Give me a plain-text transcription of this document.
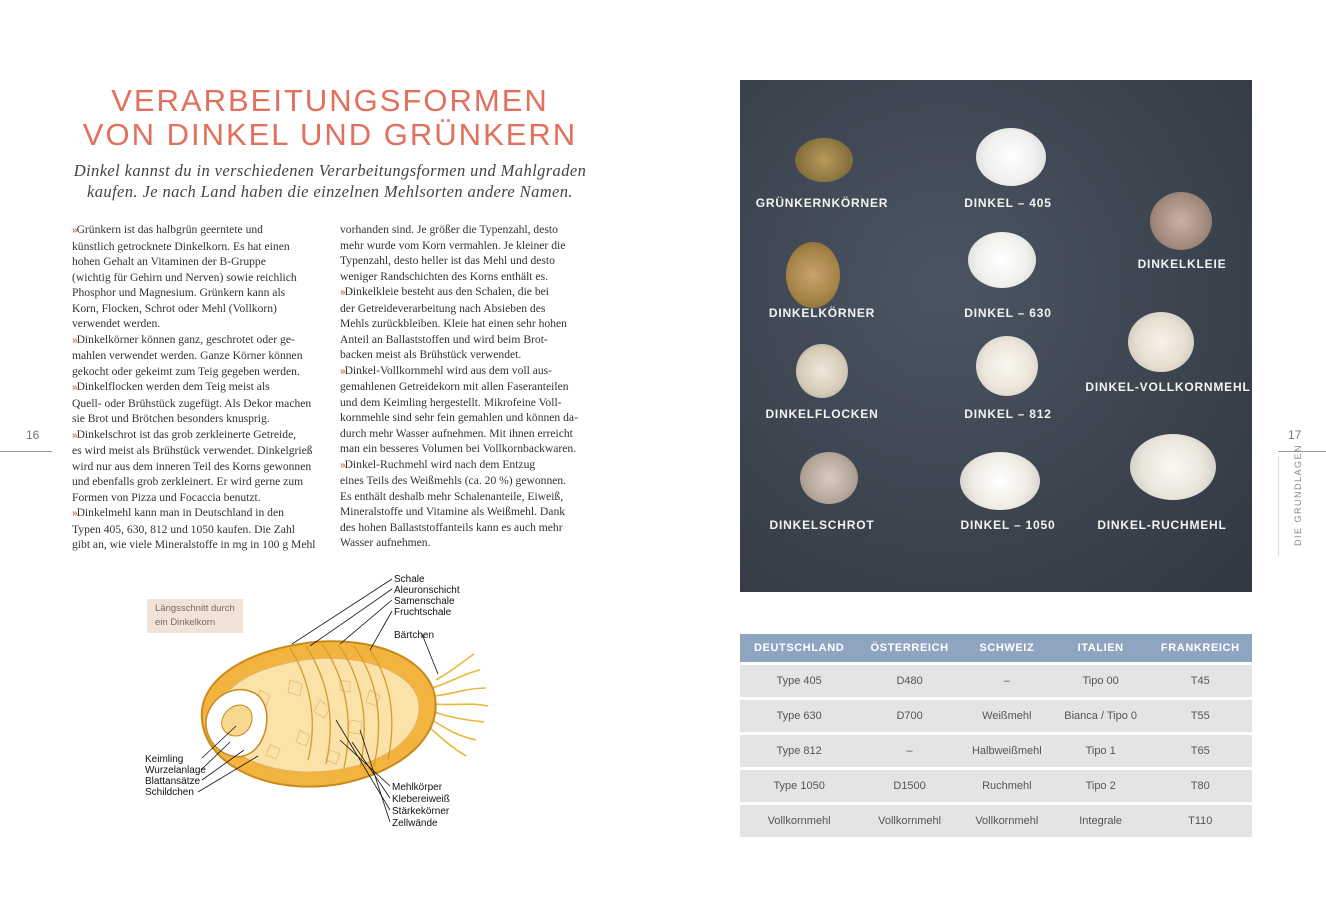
VERARBEITUNGSFORMEN
VON DINKEL UND GRÜNKERN
Dinkel kannst du in verschiedenen Verarbeitungsformen und Mahlgraden
kaufen. Je nach Land haben die einzelnen Mehlsorten andere Namen.
»Grünkern ist das halbgrün geerntete und
künstlich getrocknete Dinkelkorn. Es hat einen
hohen Gehalt an Vitaminen der B-Gruppe
(wichtig für Gehirn und Nerven) sowie reichlich
Phosphor und Magnesium. Grünkern kann als
Korn, Flocken, Schrot oder Mehl (Vollkorn)
verwendet werden.
»Dinkelkörner können ganz, geschrotet oder ge-
mahlen verwendet werden. Ganze Körner können
gekocht oder gekeimt zum Teig gegeben werden.
»Dinkelflocken werden dem Teig meist als
Quell- oder Brühstück zugefügt. Als Dekor machen
sie Brot und Brötchen besonders knusprig.
»Dinkelschrot ist das grob zerkleinerte Getreide,
es wird meist als Brühstück verwendet. Dinkelgrieß
wird nur aus dem inneren Teil des Korns gewonnen
und ebenfalls grob zerkleinert. Er wird gerne zum
Formen von Pizza und Focaccia benutzt.
»Dinkelmehl kann man in Deutschland in den
Typen 405, 630, 812 und 1050 kaufen. Die Zahl
gibt an, wie viele Mineralstoffe in mg in 100 g Mehl
vorhanden sind. Je größer die Typenzahl, desto
mehr wurde vom Korn vermahlen. Je kleiner die
Typenzahl, desto heller ist das Mehl und desto
weniger Randschichten des Korns enthält es.
»Dinkelkleie besteht aus den Schalen, die bei
der Getreideverarbeitung nach Absieben des
Mehls zurückbleiben. Kleie hat einen sehr hohen
Anteil an Ballaststoffen und wird beim Brot-
backen meist als Brühstück verwendet.
»Dinkel-Vollkornmehl wird aus dem voll aus-
gemahlenen Getreidekorn mit allen Faseranteilen
und dem Keimling hergestellt. Mikrofeine Voll-
kornmehle sind sehr fein gemahlen und können da-
durch mehr Wasser aufnehmen. Mit ihnen erreicht
man ein besseres Volumen bei Vollkornbackwaren.
»Dinkel-Ruchmehl wird nach dem Entzug
eines Teils des Weißmehls (ca. 20 %) gewonnen.
Es enthält deshalb mehr Schalenanteile, Eiweiß,
Mineralstoffe und Vitamine als Weißmehl. Dank
des hohen Ballaststoffanteils kann es auch mehr
Wasser aufnehmen.
16
Längsschnitt durch
ein Dinkelkorn
Schale
Aleuronschicht
Samenschale
Fruchtschale
Bärtchen
Keimling
Wurzelanlage
Blattansätze
Schildchen	Mehlkörper
Klebereiweiß
Stärkekörner
Zellwände
GRÜNKERNKÖRNER	DINKEL – 405
DINKELKLEIE
DINKELKÖRNER	DINKEL – 630
DINKELFLOCKEN	DINKEL – 812
DINKEL-VOLLKORNMEHL
DINKELSCHROT	DINKEL – 1050	DINKEL-RUCHMEHL
DEUTSCHLAND	ÖSTERREICH	SCHWEIZ	ITALIEN	FRANKREICH
Type 405	D480	–	Tipo 00	T45
Type 630	D700	Weißmehl	Bianca / Tipo 0	T55
Type 812	–	Halbweißmehl	Tipo 1	T65
Type 1050	D1500	Ruchmehl	Tipo 2	T80
Vollkornmehl	Vollkornmehl	Vollkornmehl	Integrale	T110
17
DIE GRUNDLAGEN
